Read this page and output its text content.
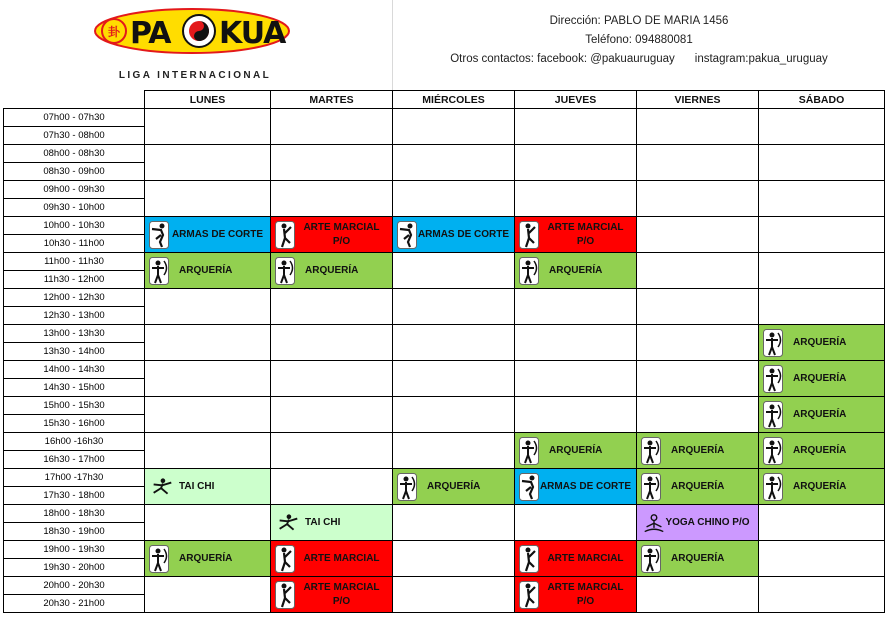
卦 PA KUA
LIGA INTERNACIONAL
Dirección: PABLO DE MARIA 1456
Teléfono: 094880081
Otros contactos: facebook: @pakuauruguay instagram:pakua_uruguay
	LUNES	MARTES	MIÉRCOLES	JUEVES	VIERNES	SÁBADO
07h00 - 07h30						
07h30 - 08h00						
08h00 - 08h30						
08h30 - 09h00						
09h00 - 09h30						
09h30 - 10h00						
10h00 - 10h30	ARMAS DE CORTE	ARTE MARCIAL P/O	ARMAS DE CORTE	ARTE MARCIAL P/O		

10h30 - 11h00						
11h00 - 11h30	ARQUERÍA	ARQUERÍA		ARQUERÍA		

11h30 - 12h00						
12h00 - 12h30						
12h30 - 13h00						
13h00 - 13h30						ARQUERÍA

13h30 - 14h00						
14h00 - 14h30						ARQUERÍA

14h30 - 15h00						
15h00 - 15h30						ARQUERÍA

15h30 - 16h00						
16h00 -16h30				ARQUERÍA	ARQUERÍA	ARQUERÍA

16h30 - 17h00						
17h00 -17h30	TAI CHI		ARQUERÍA	ARMAS DE CORTE	ARQUERÍA	ARQUERÍA

17h30 - 18h00						
18h00 - 18h30		TAI CHI			YOGA CHINO P/O	

18h30 - 19h00						
19h00 - 19h30	ARQUERÍA	ARTE MARCIAL		ARTE MARCIAL	ARQUERÍA	

19h30 - 20h00						
20h00 - 20h30		ARTE MARCIAL P/O		ARTE MARCIAL P/O		

20h30 - 21h00						
